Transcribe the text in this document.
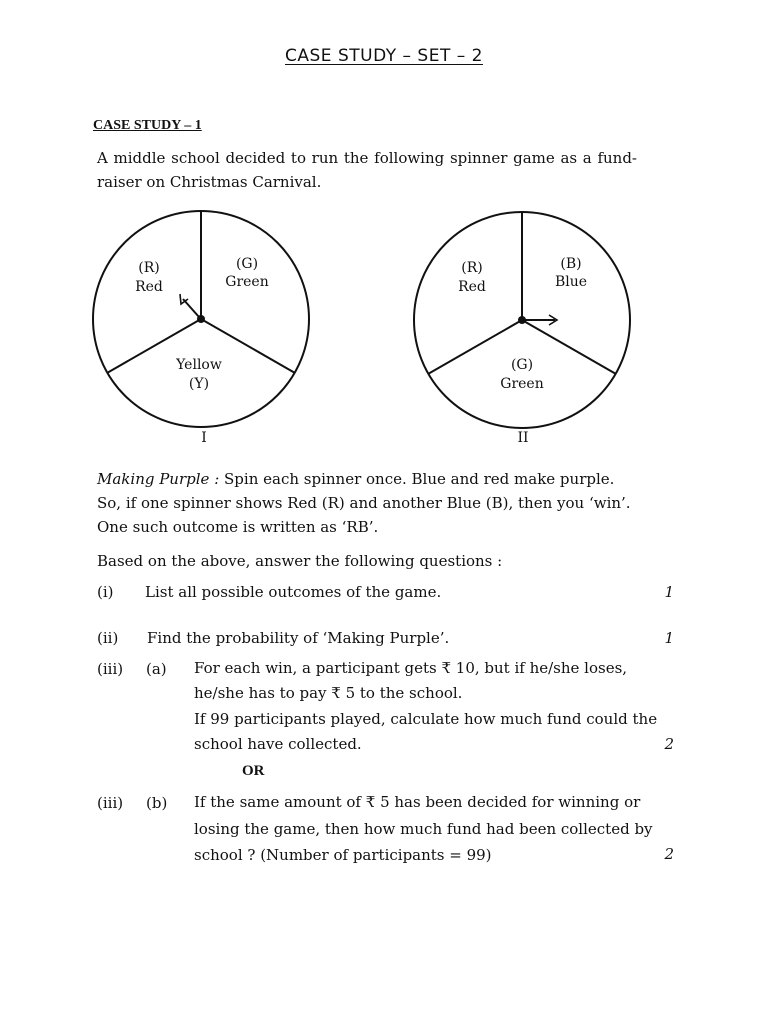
CASE STUDY – SET – 2
CASE STUDY – 1
A middle school decided to run the following spinner game as a fund-raiser on Christmas Carnival.
(R)
Red
(G)
Green
Yellow
(Y)
I
(R)
Red
(B)
Blue
(G)
Green
II
Making Purple : Spin each spinner once. Blue and red make purple. So, if one spinner shows Red (R) and another Blue (B), then you ‘win’. One such outcome is written as ‘RB’.
Based on the above, answer the following questions :
(i) List all possible outcomes of the game.	1
(ii) Find the probability of ‘Making Purple’.	1
(iii) (a) For each win, a participant gets ₹ 10, but if he/she loses,
he/she has to pay ₹ 5 to the school.
If 99 participants played, calculate how much fund could the
school have collected.	2
OR
(iii) (b) If the same amount of ₹ 5 has been decided for winning or
losing the game, then how much fund had been collected by
school ? (Number of participants = 99)	2
